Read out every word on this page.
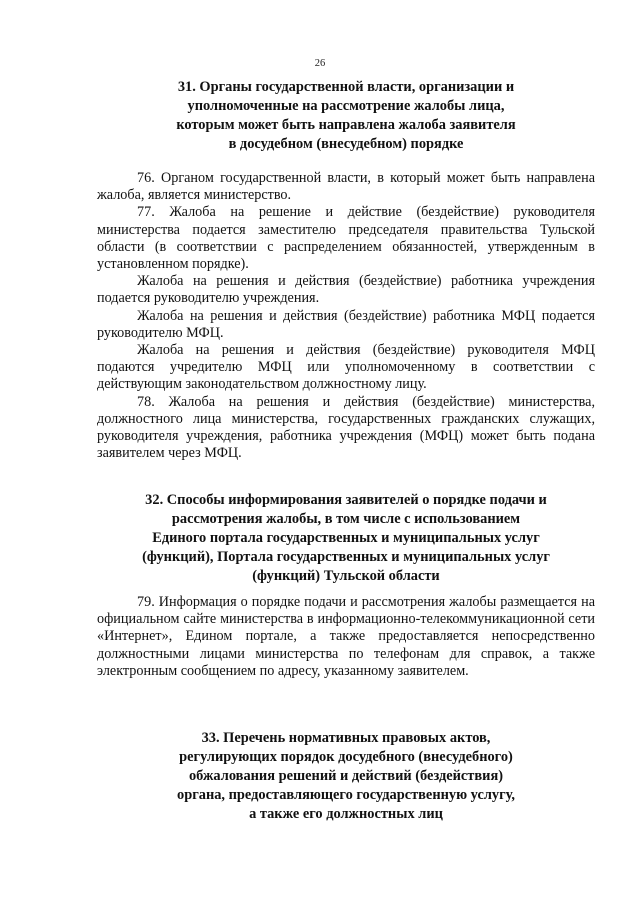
26
31. Органы государственной власти, организации и
уполномоченные на рассмотрение жалобы лица,
которым может быть направлена жалоба заявителя
в досудебном (внесудебном) порядке

76. Органом государственной власти, в который может быть направлена жалоба, является министерство.

77. Жалоба на решение и действие (бездействие) руководителя министерства подается заместителю председателя правительства Тульской области (в соответствии с распределением обязанностей, утвержденным в установленном порядке).

Жалоба на решения и действия (бездействие) работника учреждения подается руководителю учреждения.

Жалоба на решения и действия (бездействие) работника МФЦ подается руководителю МФЦ.

Жалоба на решения и действия (бездействие) руководителя МФЦ подаются учредителю МФЦ или уполномоченному в соответствии с действующим законодательством должностному лицу.

78. Жалоба на решения и действия (бездействие) министерства, должностного лица министерства, государственных гражданских служащих, руководителя учреждения, работника учреждения (МФЦ) может быть подана заявителем через МФЦ.

32. Способы информирования заявителей о порядке подачи и
рассмотрения жалобы, в том числе с использованием
Единого портала государственных и муниципальных услуг
(функций), Портала государственных и муниципальных услуг
(функций) Тульской области

79. Информация о порядке подачи и рассмотрения жалобы размещается на официальном сайте министерства в информационно-телекоммуникационной сети «Интернет», Едином портале, а также предоставляется непосредственно должностными лицами министерства по телефонам для справок, а также электронным сообщением по адресу, указанному заявителем.

33. Перечень нормативных правовых актов,
регулирующих порядок досудебного (внесудебного)
обжалования решений и действий (бездействия)
органа, предоставляющего государственную услугу,
а также его должностных лиц
